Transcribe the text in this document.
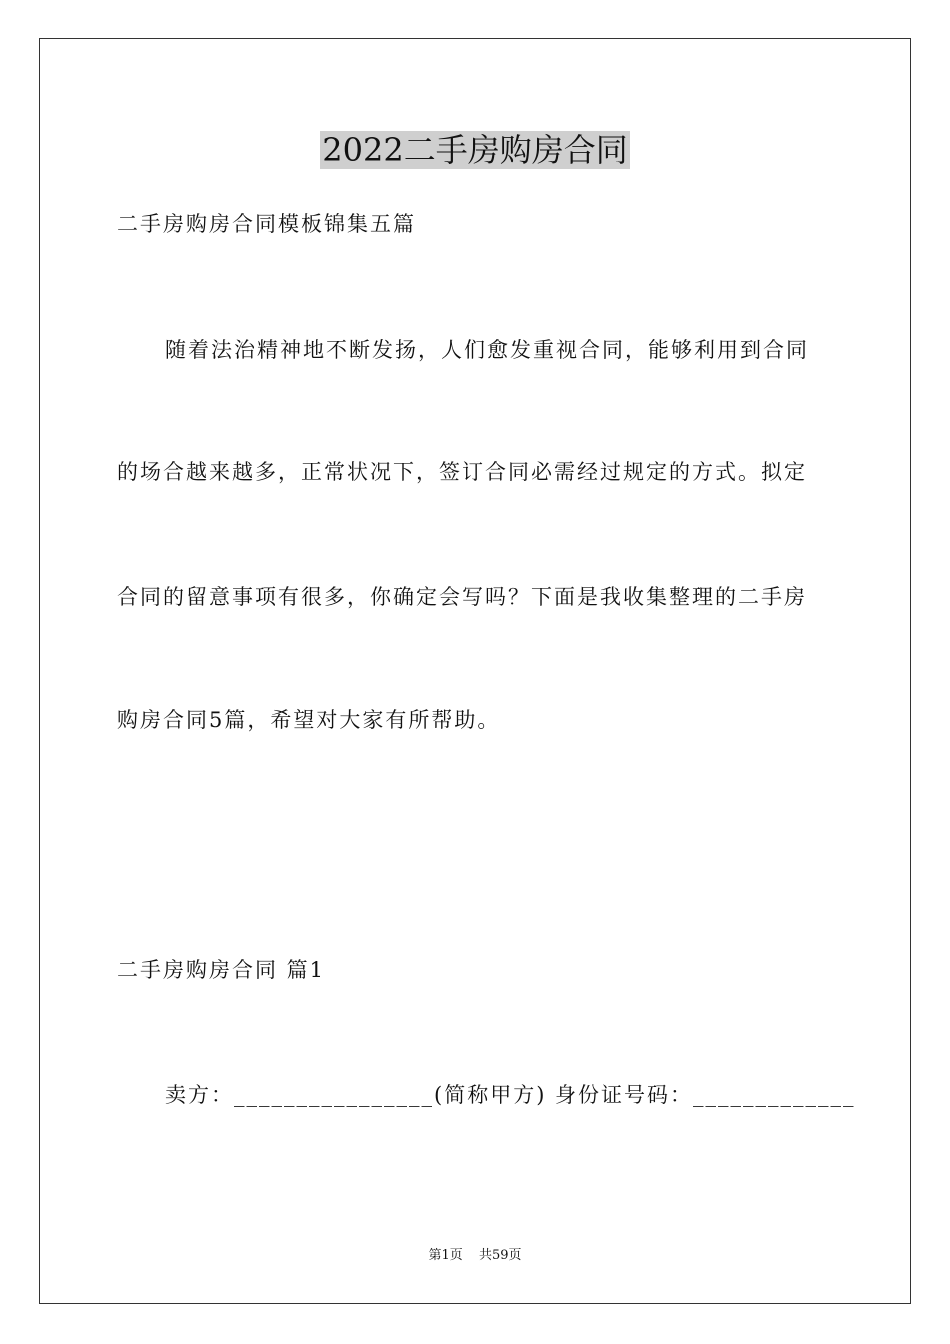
2022二手房购房合同
二手房购房合同模板锦集五篇
随着法治精神地不断发扬，人们愈发重视合同，能够利用到合同
的场合越来越多，正常状况下，签订合同必需经过规定的方式。拟定
合同的留意事项有很多，你确定会写吗？下面是我收集整理的二手房
购房合同5篇，希望对大家有所帮助。
二手房购房合同 篇1
卖方：________________(简称甲方) 身份证号码：_____________
第1页 共59页
